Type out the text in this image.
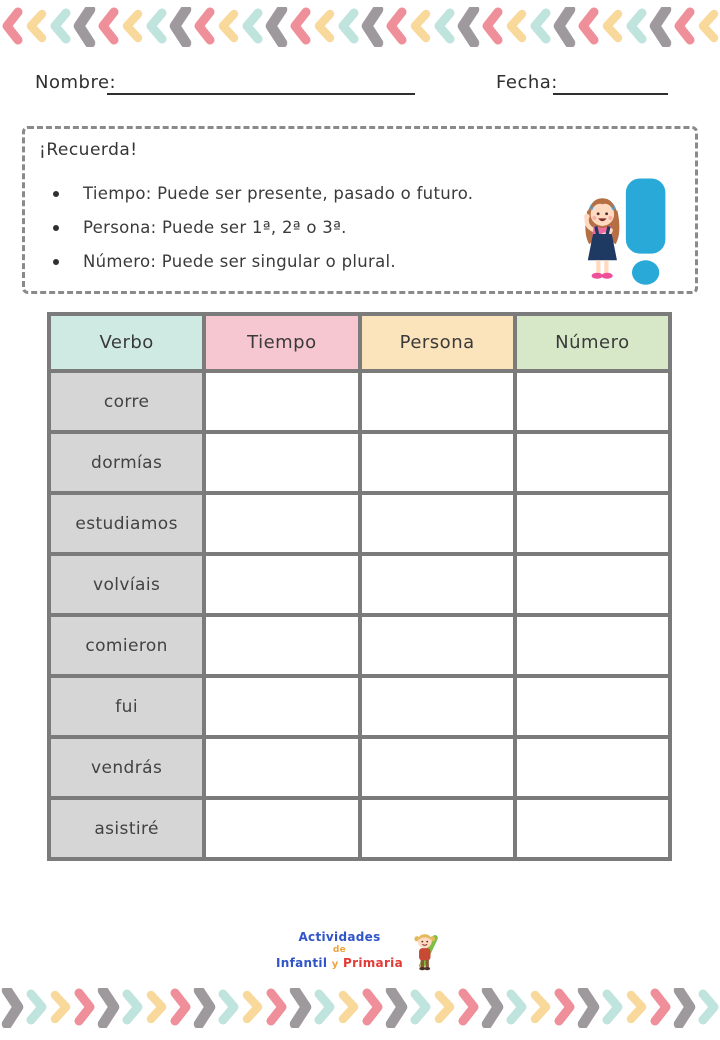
Nombre:	Fecha:
¡Recuerda!
Tiempo: Puede ser presente, pasado o futuro.
Persona: Puede ser 1ª, 2ª o 3ª.
Número: Puede ser singular o plural.
Verbo	Tiempo	Persona	Número
corre			
dormías			
estudiamos			
volvíais			
comieron			
fui			
vendrás			
asistiré			
Actividades
de
Infantil y Primaria
